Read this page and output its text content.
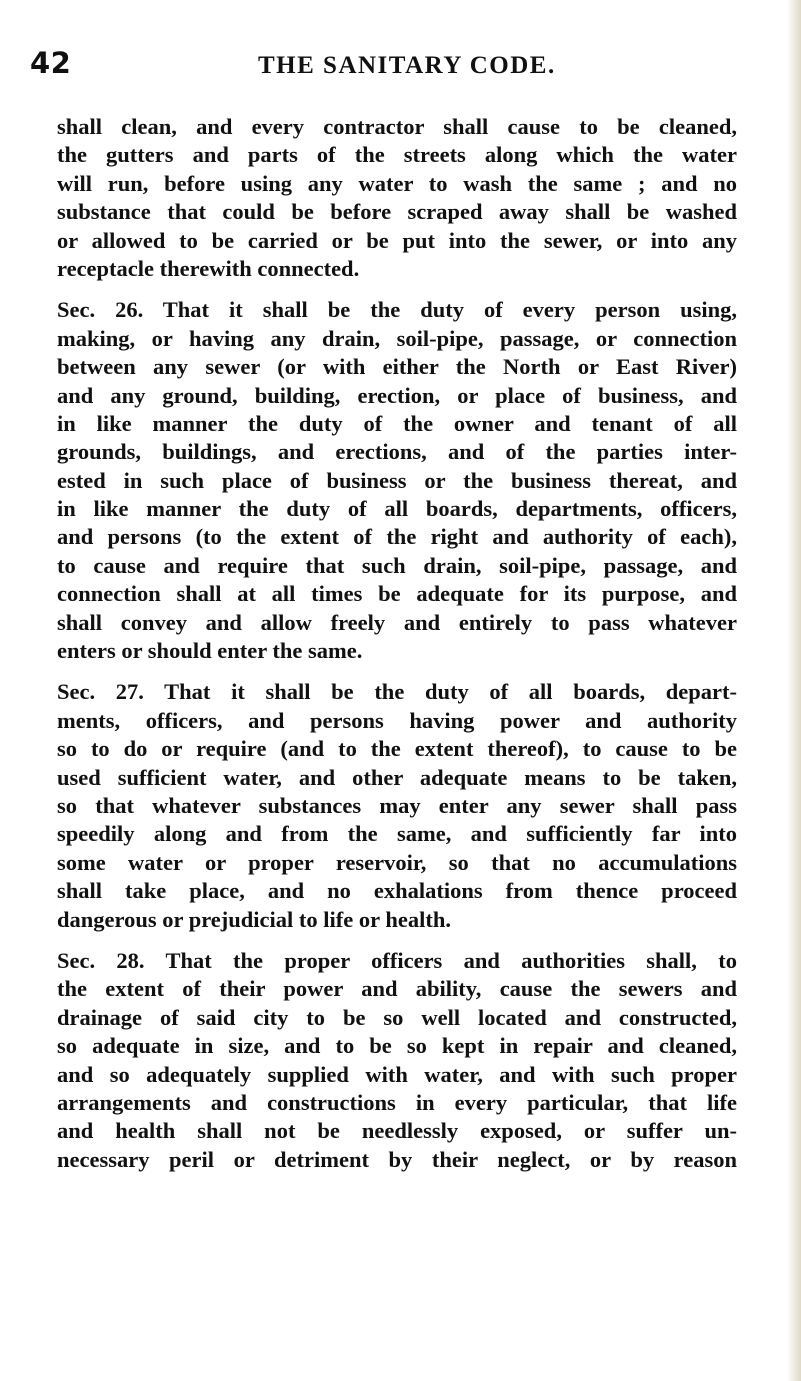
42	THE SANITARY CODE.
shall clean, and every contractor shall cause to be cleaned,
the gutters and parts of the streets along which the water
will run, before using any water to wash the same ; and no
substance that could be before scraped away shall be washed
or allowed to be carried or be put into the sewer, or into any
receptacle therewith connected.
Sec. 26. That it shall be the duty of every person using,
making, or having any drain, soil-pipe, passage, or connection
between any sewer (or with either the North or East River)
and any ground, building, erection, or place of business, and
in like manner the duty of the owner and tenant of all
grounds, buildings, and erections, and of the parties inter-
ested in such place of business or the business thereat, and
in like manner the duty of all boards, departments, officers,
and persons (to the extent of the right and authority of each),
to cause and require that such drain, soil-pipe, passage, and
connection shall at all times be adequate for its purpose, and
shall convey and allow freely and entirely to pass whatever
enters or should enter the same.
Sec. 27. That it shall be the duty of all boards, depart-
ments, officers, and persons having power and authority
so to do or require (and to the extent thereof), to cause to be
used sufficient water, and other adequate means to be taken,
so that whatever substances may enter any sewer shall pass
speedily along and from the same, and sufficiently far into
some water or proper reservoir, so that no accumulations
shall take place, and no exhalations from thence proceed
dangerous or prejudicial to life or health.
Sec. 28. That the proper officers and authorities shall, to
the extent of their power and ability, cause the sewers and
drainage of said city to be so well located and constructed,
so adequate in size, and to be so kept in repair and cleaned,
and so adequately supplied with water, and with such proper
arrangements and constructions in every particular, that life
and health shall not be needlessly exposed, or suffer un-
necessary peril or detriment by their neglect, or by reason
